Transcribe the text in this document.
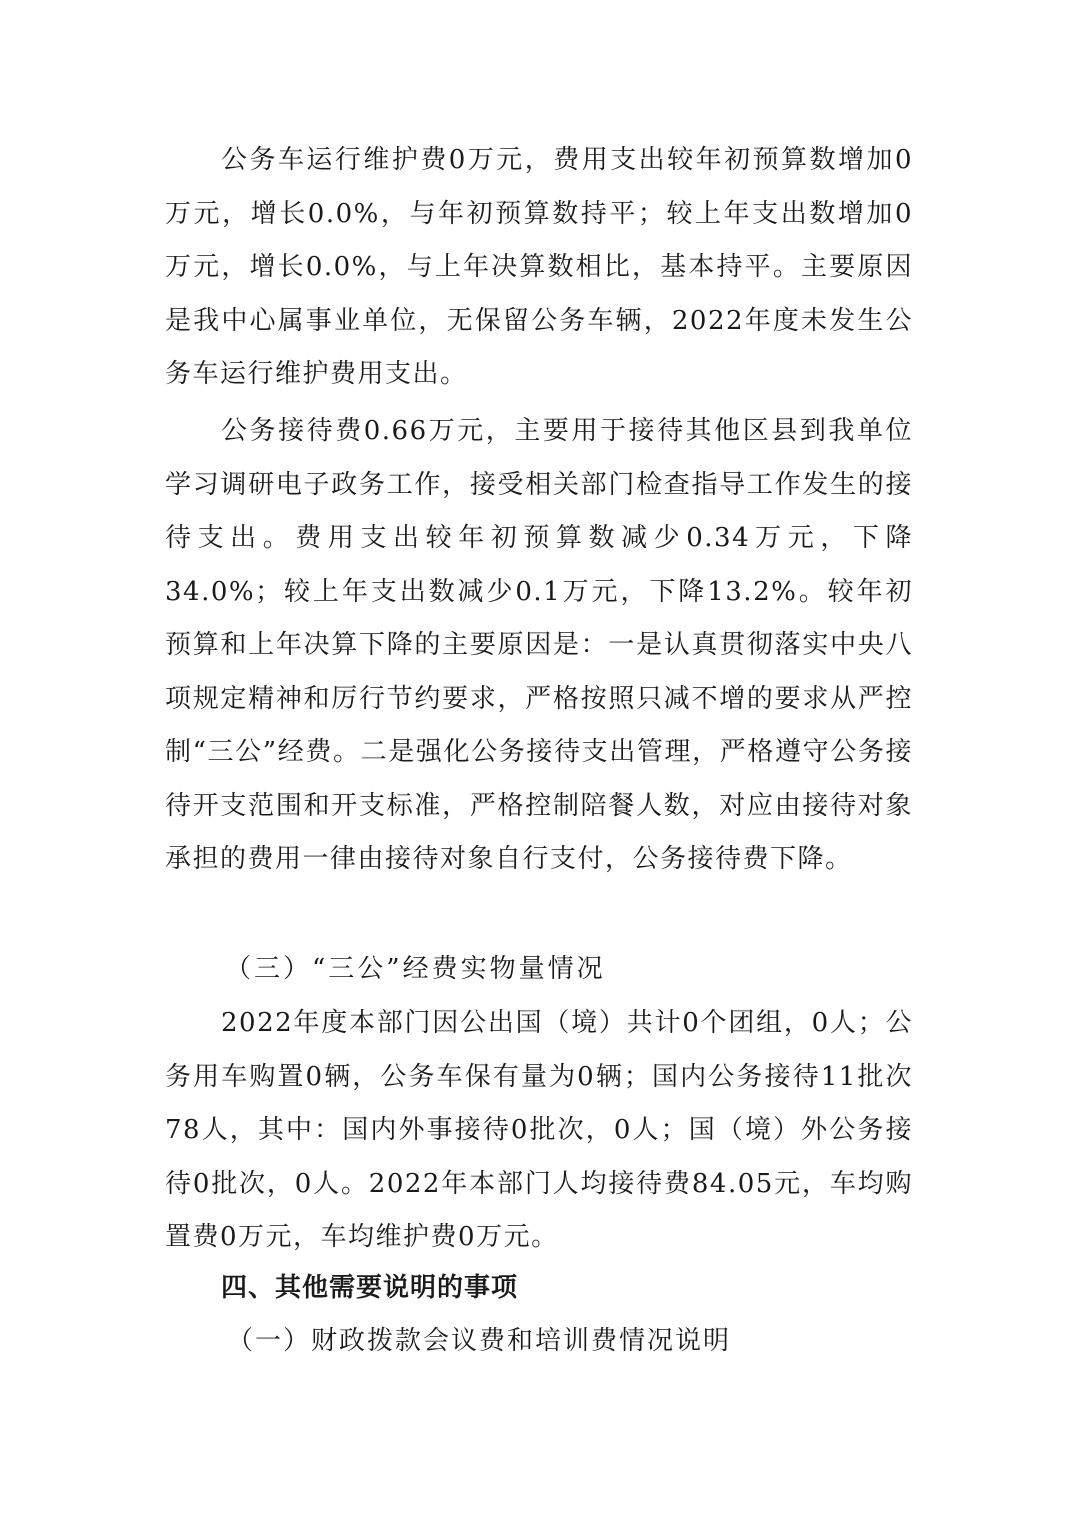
公务车运行维护费0万元，费用支出较年初预算数增加0万元，增长0.0%，与年初预算数持平；较上年支出数增加0万元，增长0.0%，与上年决算数相比，基本持平。主要原因是我中心属事业单位，无保留公务车辆，2022年度未发生公务车运行维护费用支出。

公务接待费0.66万元，主要用于接待其他区县到我单位学习调研电子政务工作，接受相关部门检查指导工作发生的接待支出。费用支出较年初预算数减少0.34万元，下降34.0%；较上年支出数减少0.1万元，下降13.2%。较年初预算和上年决算下降的主要原因是：一是认真贯彻落实中央八项规定精神和厉行节约要求，严格按照只减不增的要求从严控制“三公”经费。二是强化公务接待支出管理，严格遵守公务接待开支范围和开支标准，严格控制陪餐人数，对应由接待对象承担的费用一律由接待对象自行支付，公务接待费下降。

（三）“三公”经费实物量情况

2022年度本部门因公出国（境）共计0个团组，0人；公务用车购置0辆，公务车保有量为0辆；国内公务接待11批次78人，其中：国内外事接待0批次，0人；国（境）外公务接待0批次，0人。2022年本部门人均接待费84.05元，车均购置费0万元，车均维护费0万元。

四、其他需要说明的事项

（一）财政拨款会议费和培训费情况说明
